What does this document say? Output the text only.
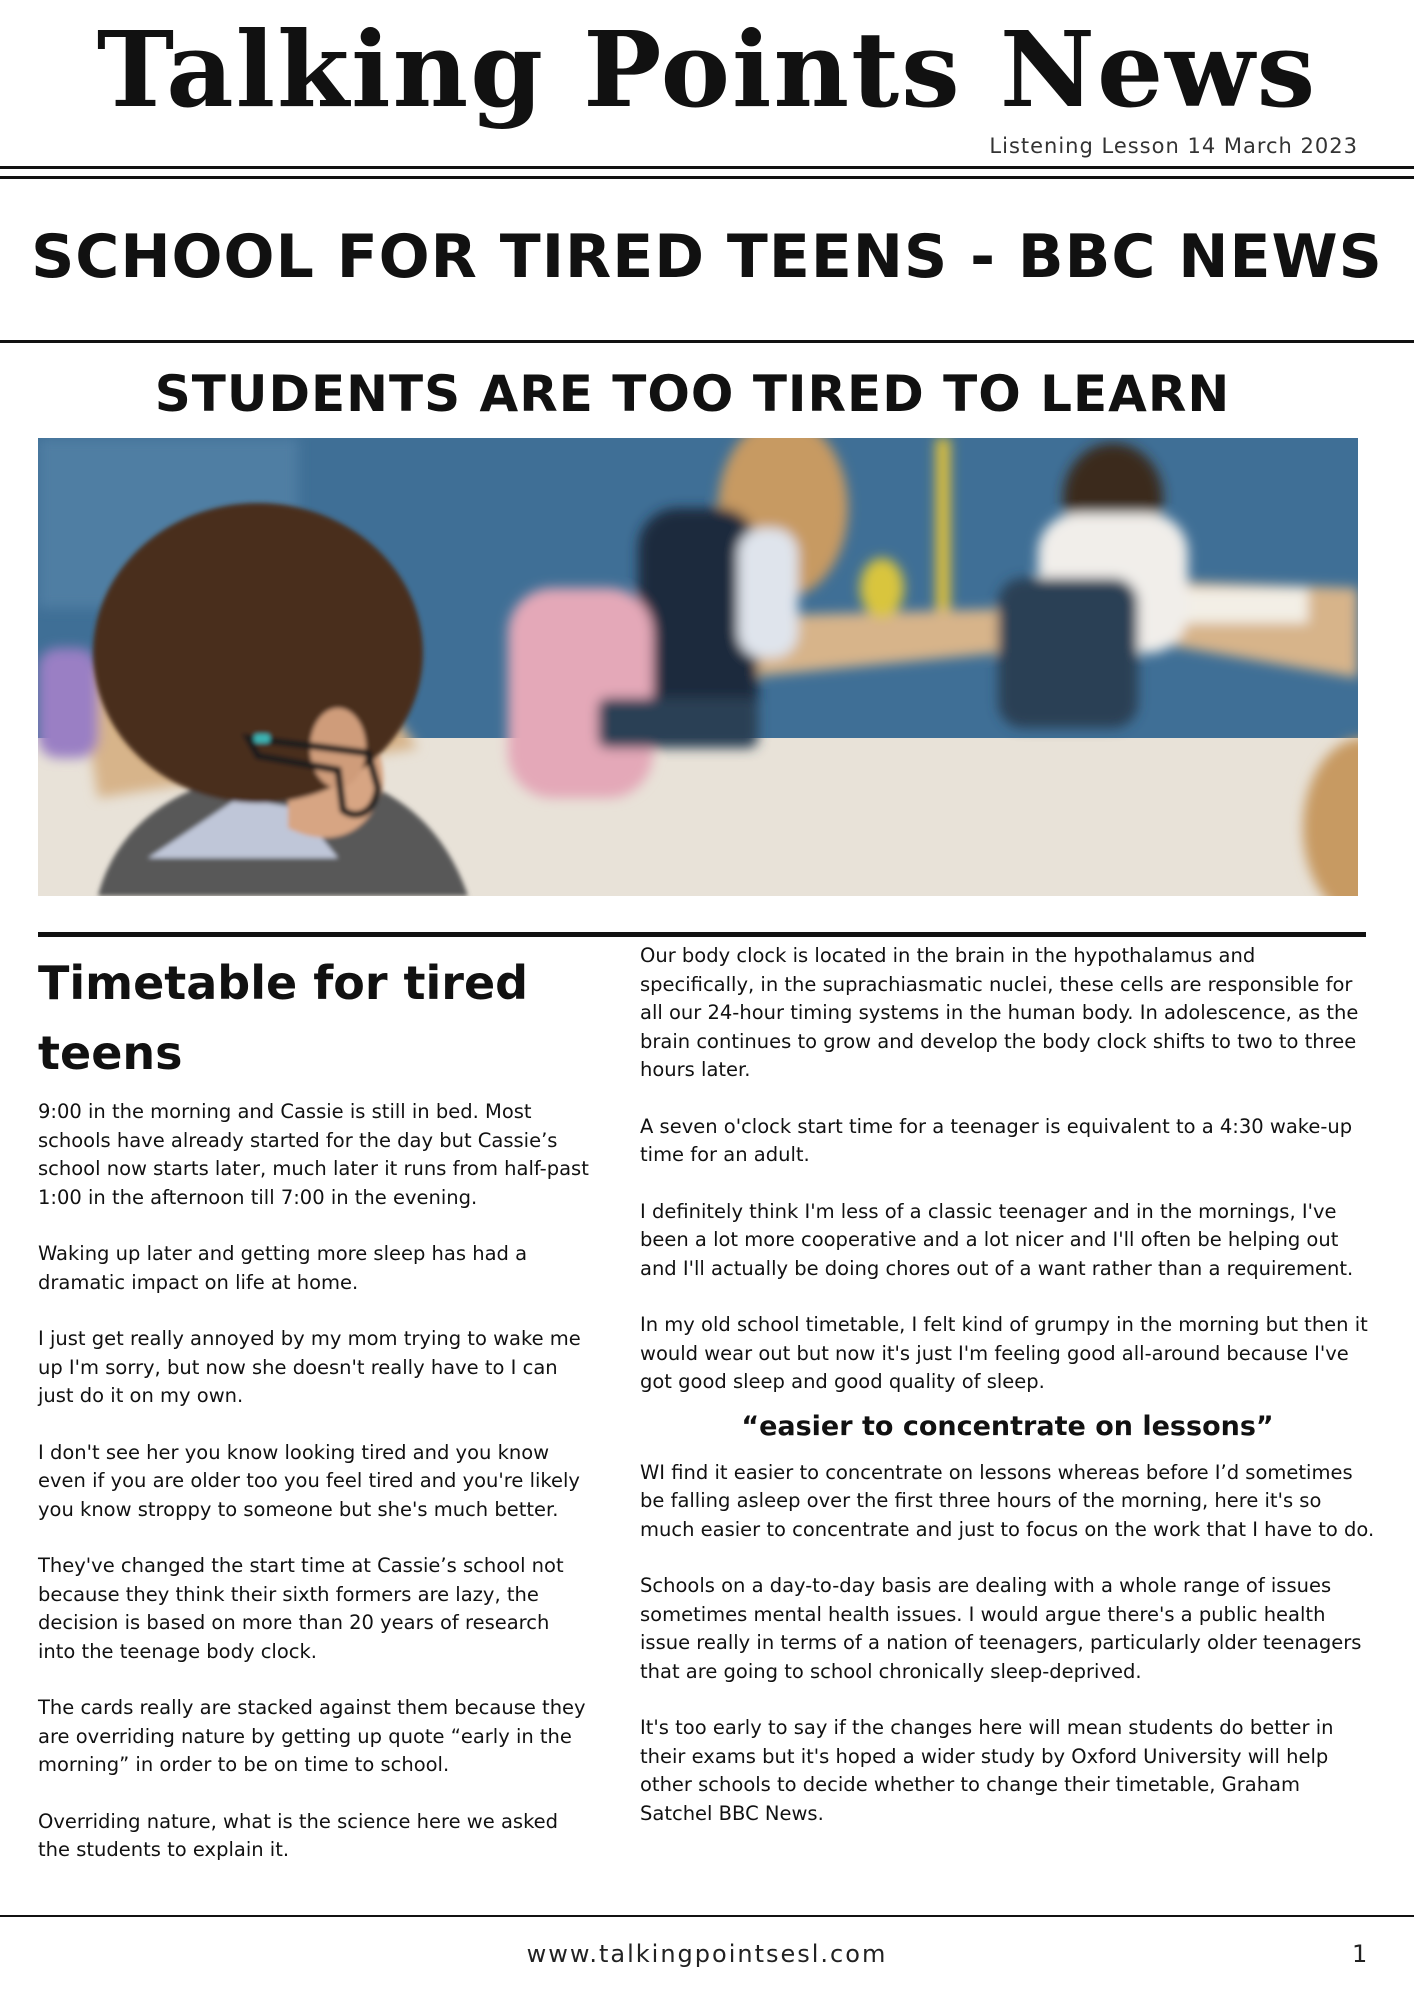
Talking Points News
Listening Lesson 14 March 2023
SCHOOL FOR TIRED TEENS - BBC NEWS
STUDENTS ARE TOO TIRED TO LEARN
Timetable for tired teens

9:00 in the morning and Cassie is still in bed. Most schools have already started for the day but Cassie’s school now starts later, much later it runs from half-past 1:00 in the afternoon till 7:00 in the evening.

Waking up later and getting more sleep has had a dramatic impact on life at home.

I just get really annoyed by my mom trying to wake me up I'm sorry, but now she doesn't really have to I can just do it on my own.

I don't see her you know looking tired and you know even if you are older too you feel tired and you're likely you know stroppy to someone but she's much better.

They've changed the start time at Cassie’s school not because they think their sixth formers are lazy, the decision is based on more than 20 years of research into the teenage body clock.

The cards really are stacked against them because they are overriding nature by getting up quote “early in the morning” in order to be on time to school.

Overriding nature, what is the science here we asked the students to explain it.

Our body clock is located in the brain in the hypothalamus and specifically, in the suprachiasmatic nuclei, these cells are responsible for all our 24-hour timing systems in the human body. In adolescence, as the brain continues to grow and develop the body clock shifts to two to three hours later.

A seven o'clock start time for a teenager is equivalent to a 4:30 wake-up time for an adult.

I definitely think I'm less of a classic teenager and in the mornings, I've been a lot more cooperative and a lot nicer and I'll often be helping out and I'll actually be doing chores out of a want rather than a requirement.

In my old school timetable, I felt kind of grumpy in the morning but then it would wear out but now it's just I'm feeling good all-around because I've got good sleep and good quality of sleep.

“easier to concentrate on lessons”

WI find it easier to concentrate on lessons whereas before I’d sometimes be falling asleep over the first three hours of the morning, here it's so much easier to concentrate and just to focus on the work that I have to do.

Schools on a day-to-day basis are dealing with a whole range of issues sometimes mental health issues. I would argue there's a public health issue really in terms of a nation of teenagers, particularly older teenagers that are going to school chronically sleep-deprived.

It's too early to say if the changes here will mean students do better in their exams but it's hoped a wider study by Oxford University will help other schools to decide whether to change their timetable, Graham Satchel BBC News.

www.talkingpointsesl.com	1
